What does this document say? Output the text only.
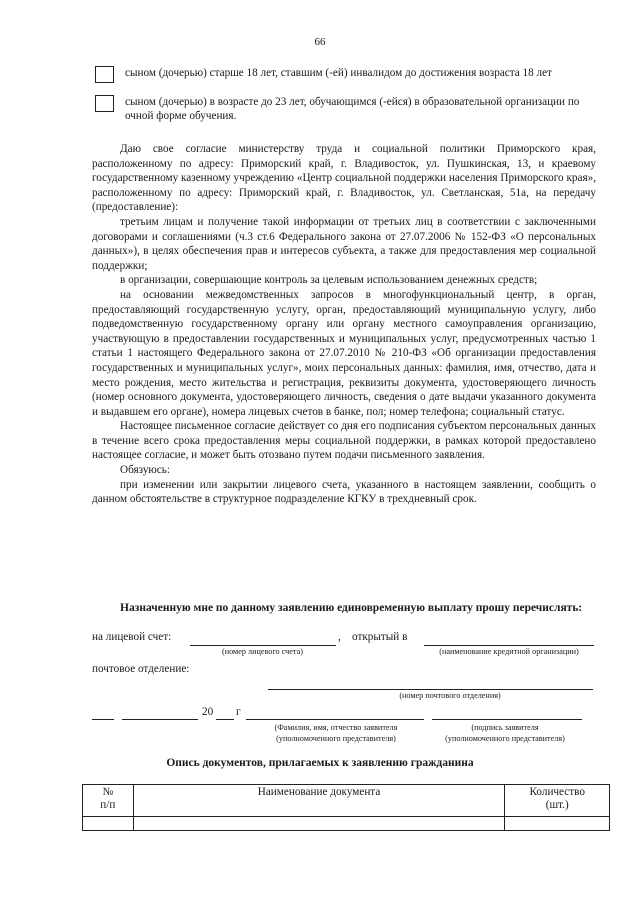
66
сыном (дочерью) старше 18 лет, ставшим (-ей) инвалидом до достижения возраста 18 лет
сыном (дочерью) в возрасте до 23 лет, обучающимся (-ейся) в образовательной организации по очной форме обучения.

Даю свое согласие министерству труда и социальной политики Приморского края, расположенному по адресу: Приморский край, г. Владивосток, ул. Пушкинская, 13, и краевому государственному казенному учреждению «Центр социальной поддержки населения Приморского края», расположенному по адресу: Приморский край, г. Владивосток, ул. Светланская, 51а, на передачу (предоставление):

третьим лицам и получение такой информации от третьих лиц в соответствии с заключенными договорами и соглашениями (ч.3 ст.6 Федерального закона от 27.07.2006 № 152-ФЗ «О персональных данных»), в целях обеспечения прав и интересов субъекта, а также для предоставления мер социальной поддержки;

в организации, совершающие контроль за целевым использованием денежных средств;

на основании межведомственных запросов в многофункциональный центр, в орган, предоставляющий государственную услугу, орган, предоставляющий муниципальную услугу, либо подведомственную государственному органу или органу местного самоуправления организацию, участвующую в предоставлении государственных и муниципальных услуг, предусмотренных частью 1 статьи 1 настоящего Федерального закона от 27.07.2010 № 210-ФЗ «Об организации предоставления государственных и муниципальных услуг», моих персональных данных: фамилия, имя, отчество, дата и место рождения, место жительства и регистрация, реквизиты документа, удостоверяющего личность (номер основного документа, удостоверяющего личность, сведения о дате выдачи указанного документа и выдавшем его органе), номера лицевых счетов в банке, пол; номер телефона; социальный статус.

Настоящее письменное согласие действует со дня его подписания субъектом персональных данных в течение всего срока предоставления меры социальной поддержки, в рамках которой предоставлено настоящее согласие, и может быть отозвано путем подачи письменного заявления.

Обязуюсь:

при изменении или закрытии лицевого счета, указанного в настоящем заявлении, сообщить о данном обстоятельстве в структурное подразделение КГКУ в трехдневный срок.

Назначенную мне по данному заявлению единовременную выплату прошу перечислять:
на лицевой счет:	, открытый в
(номер лицевого счета)	(наименование кредитной организации)
почтовое отделение:
(номер почтового отделения)
20 г
(Фамилия, имя, отчество заявителя
(уполномоченного представителя)
(подпись заявителя
(уполномоченного представителя)
Опись документов, прилагаемых к заявлению гражданина
№
п/п	Наименование документа	Количество
(шт.)
